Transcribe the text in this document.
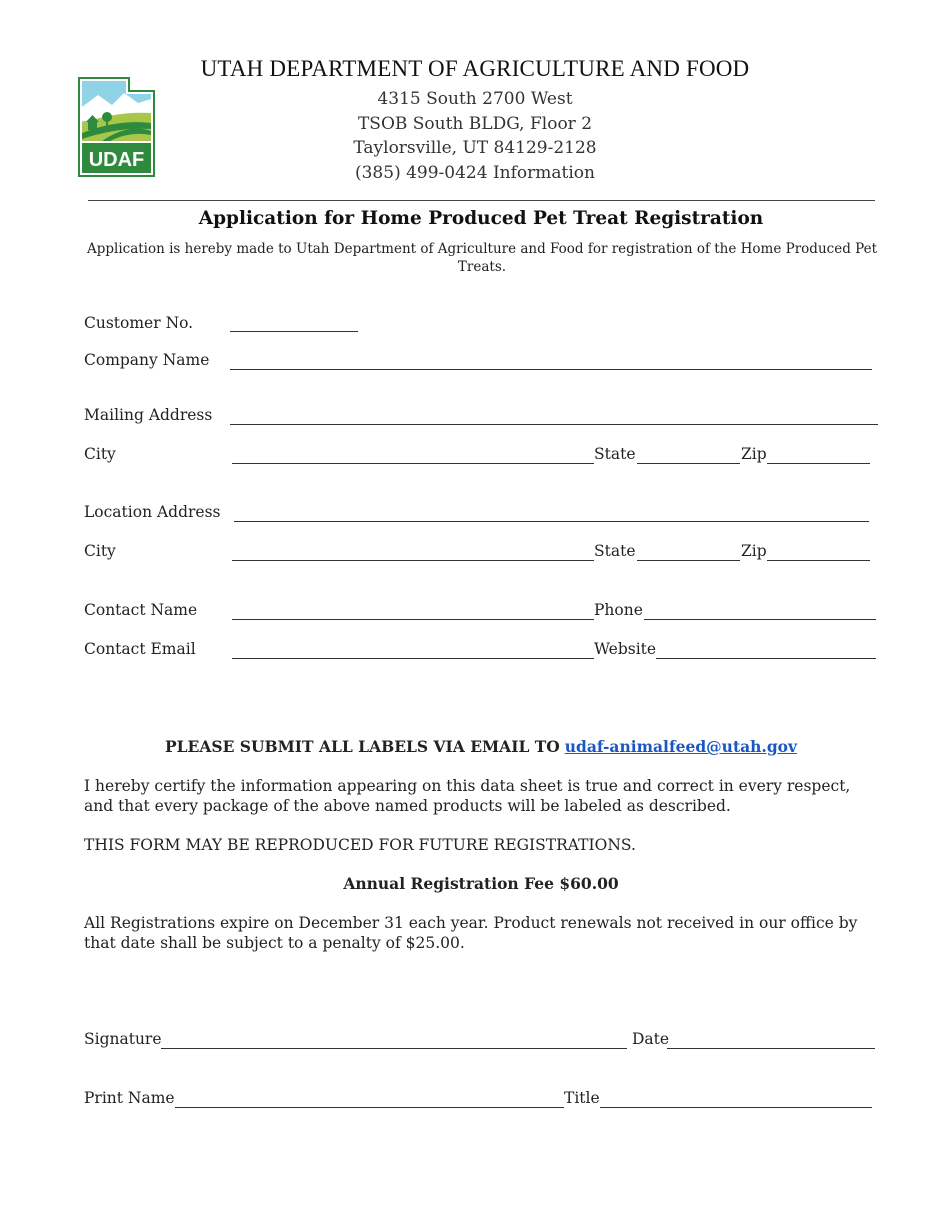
UDAF
UTAH DEPARTMENT OF AGRICULTURE AND FOOD
4315 South 2700 West
TSOB South BLDG, Floor 2
Taylorsville, UT 84129-2128
(385) 499-0424 Information
Application for Home Produced Pet Treat Registration
Application is hereby made to Utah Department of Agriculture and Food for registration of the Home Produced Pet Treats.
Customer No.
Company Name
Mailing Address
City	State	Zip
Location Address
City	State	Zip
Contact Name	Phone
Contact Email	Website
PLEASE SUBMIT ALL LABELS VIA EMAIL TO udaf-animalfeed@utah.gov
I hereby certify the information appearing on this data sheet is true and correct in every respect, and that every package of the above named products will be labeled as described.
THIS FORM MAY BE REPRODUCED FOR FUTURE REGISTRATIONS.
Annual Registration Fee $60.00
All Registrations expire on December 31 each year. Product renewals not received in our office by that date shall be subject to a penalty of $25.00.
Signature	Date
Print Name	Title
